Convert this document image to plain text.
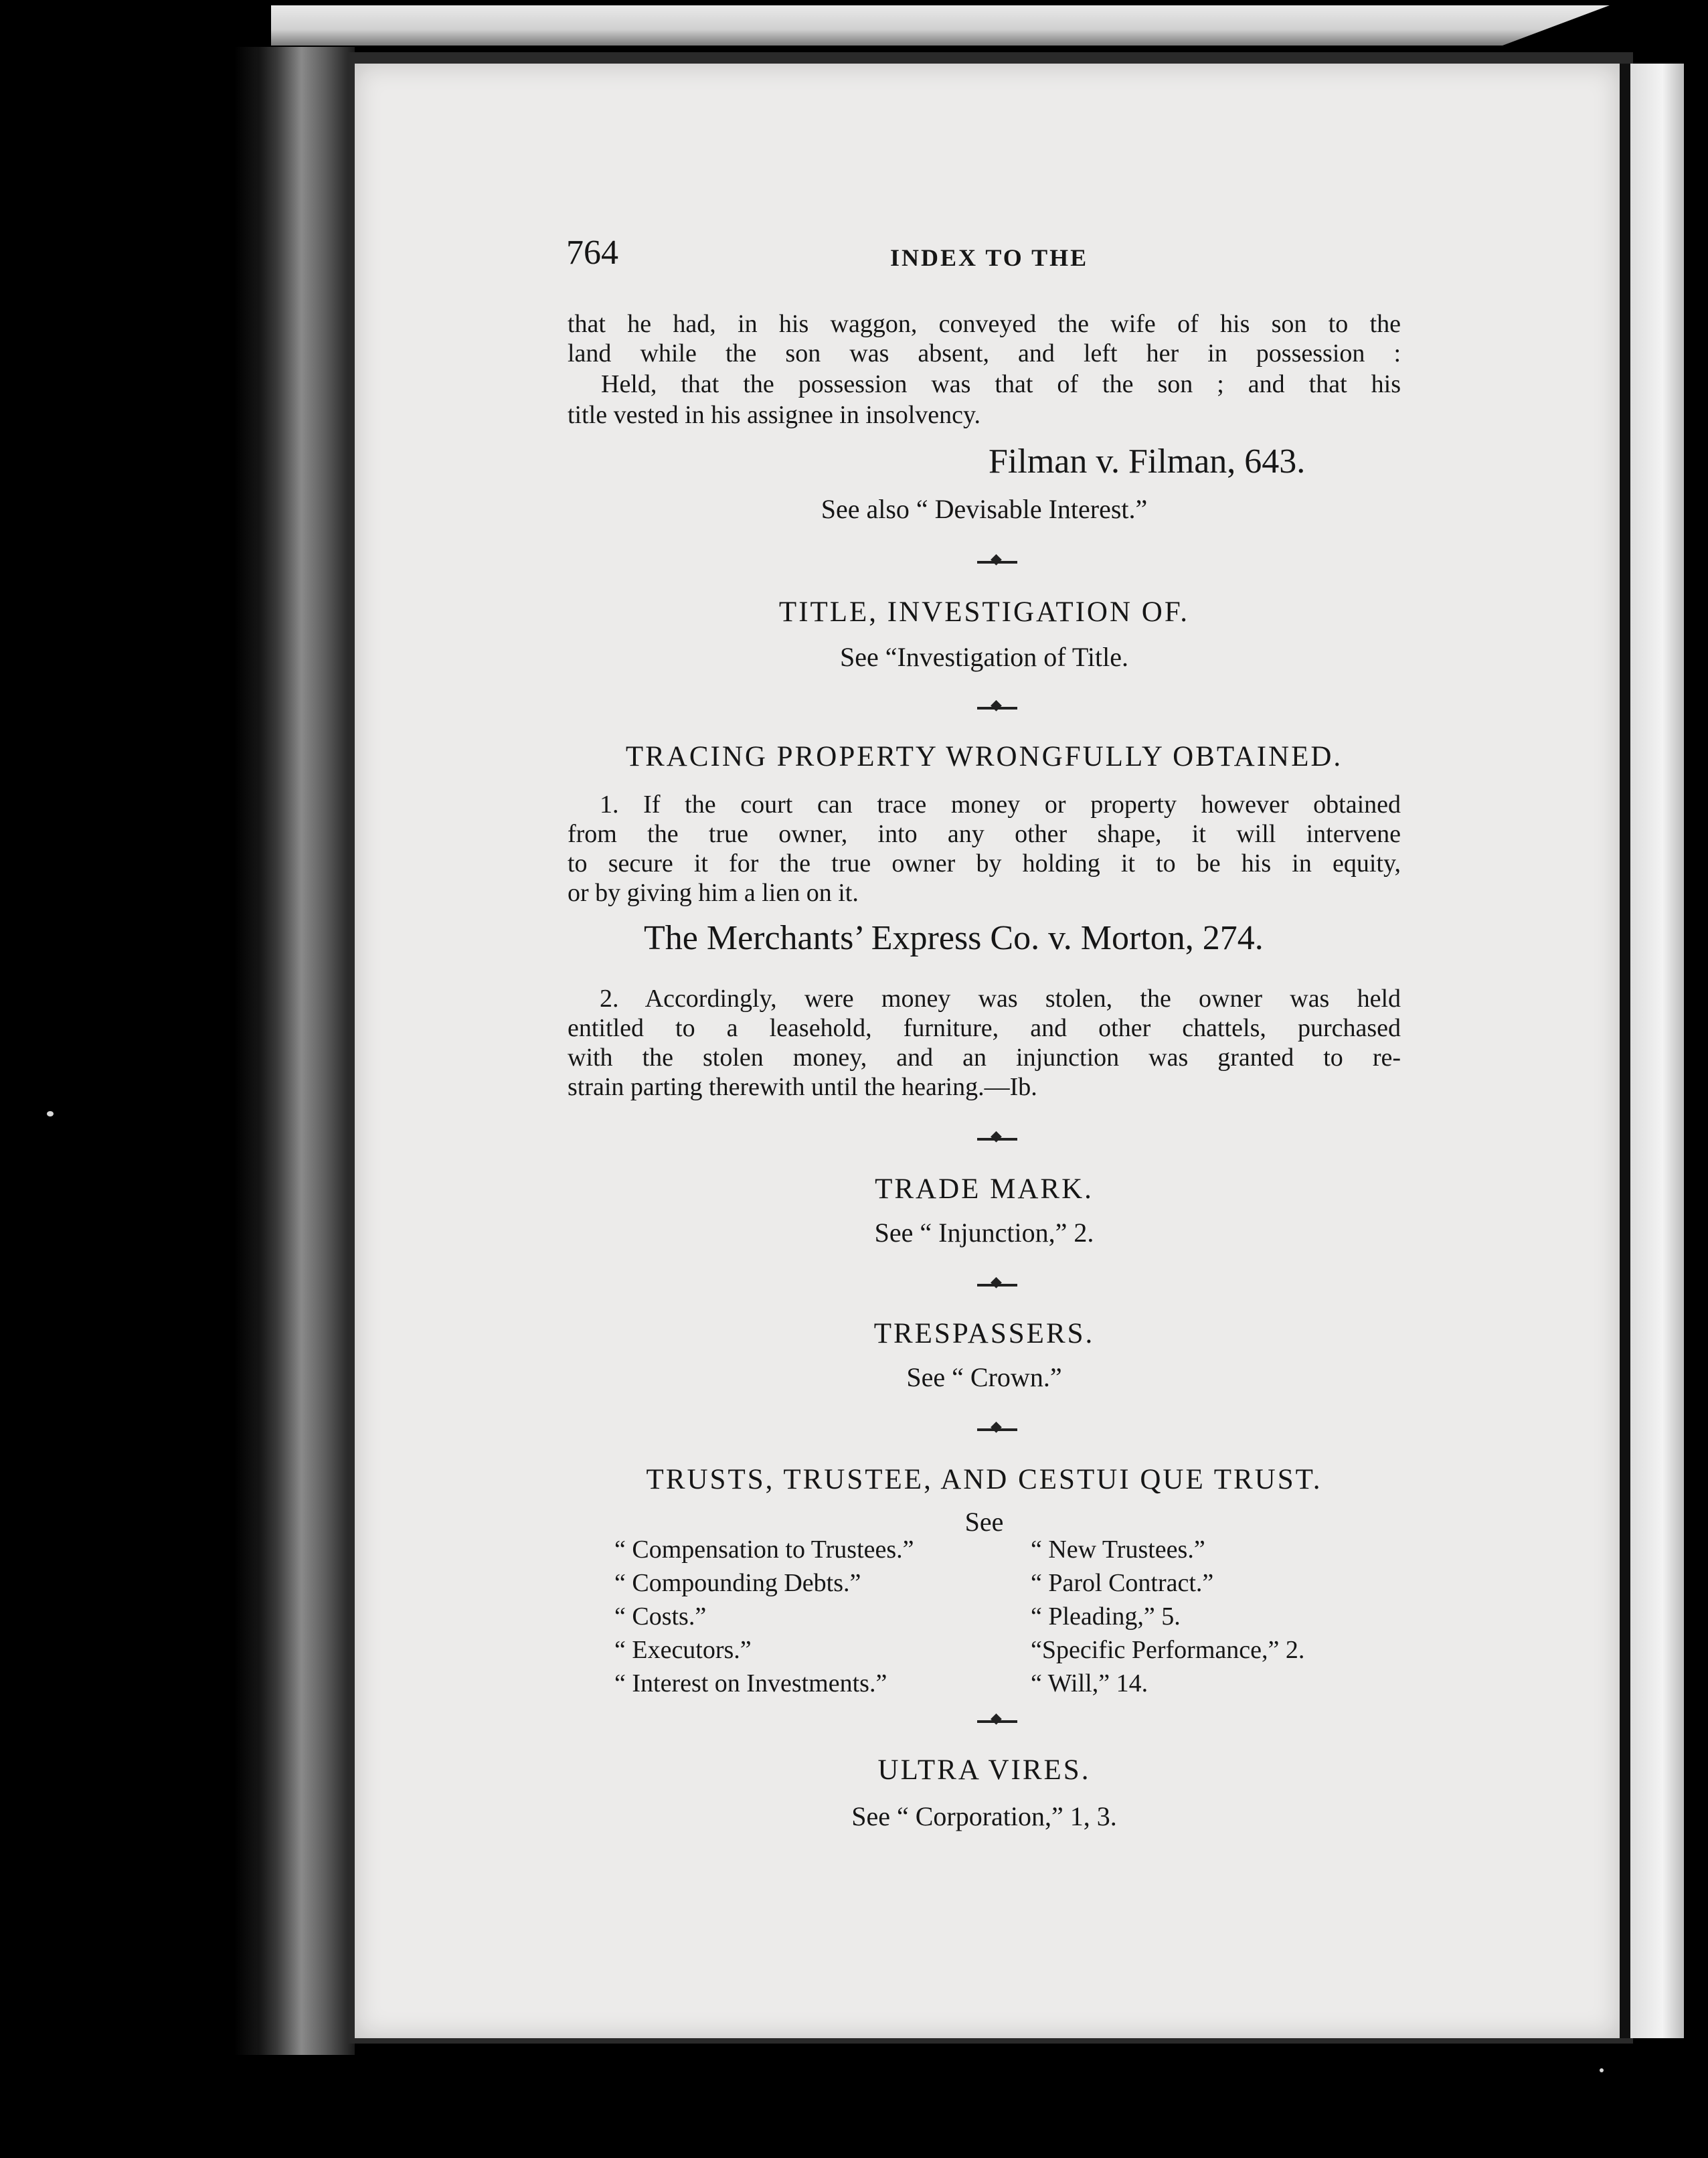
764	INDEX TO THE
that he had, in his waggon, conveyed the wife of his son to the
land while the son was absent, and left her in possession :
Held, that the possession was that of the son ; and that his
title vested in his assignee in insolvency.
Filman v. Filman, 643.
See also “ Devisable Interest.”
◆
TITLE, INVESTIGATION OF.
See “Investigation of Title.
◆
TRACING PROPERTY WRONGFULLY OBTAINED.
1. If the court can trace money or property however obtained
from the true owner, into any other shape, it will intervene
to secure it for the true owner by holding it to be his in equity,
or by giving him a lien on it.
The Merchants’ Express Co. v. Morton, 274.
2. Accordingly, were money was stolen, the owner was held
entitled to a leasehold, furniture, and other chattels, purchased
with the stolen money, and an injunction was granted to re-
strain parting therewith until the hearing.—Ib.
◆
TRADE MARK.
See “ Injunction,” 2.
◆
TRESPASSERS.
See “ Crown.”
◆
TRUSTS, TRUSTEE, AND CESTUI QUE TRUST.
See
“ Compensation to Trustees.”
“ Compounding Debts.”
“ Costs.”
“ Executors.”
“ Interest on Investments.”
“ New Trustees.”
“ Parol Contract.”
“ Pleading,” 5.
“Specific Performance,” 2.
“ Will,” 14.
◆
ULTRA VIRES.
See “ Corporation,” 1, 3.
